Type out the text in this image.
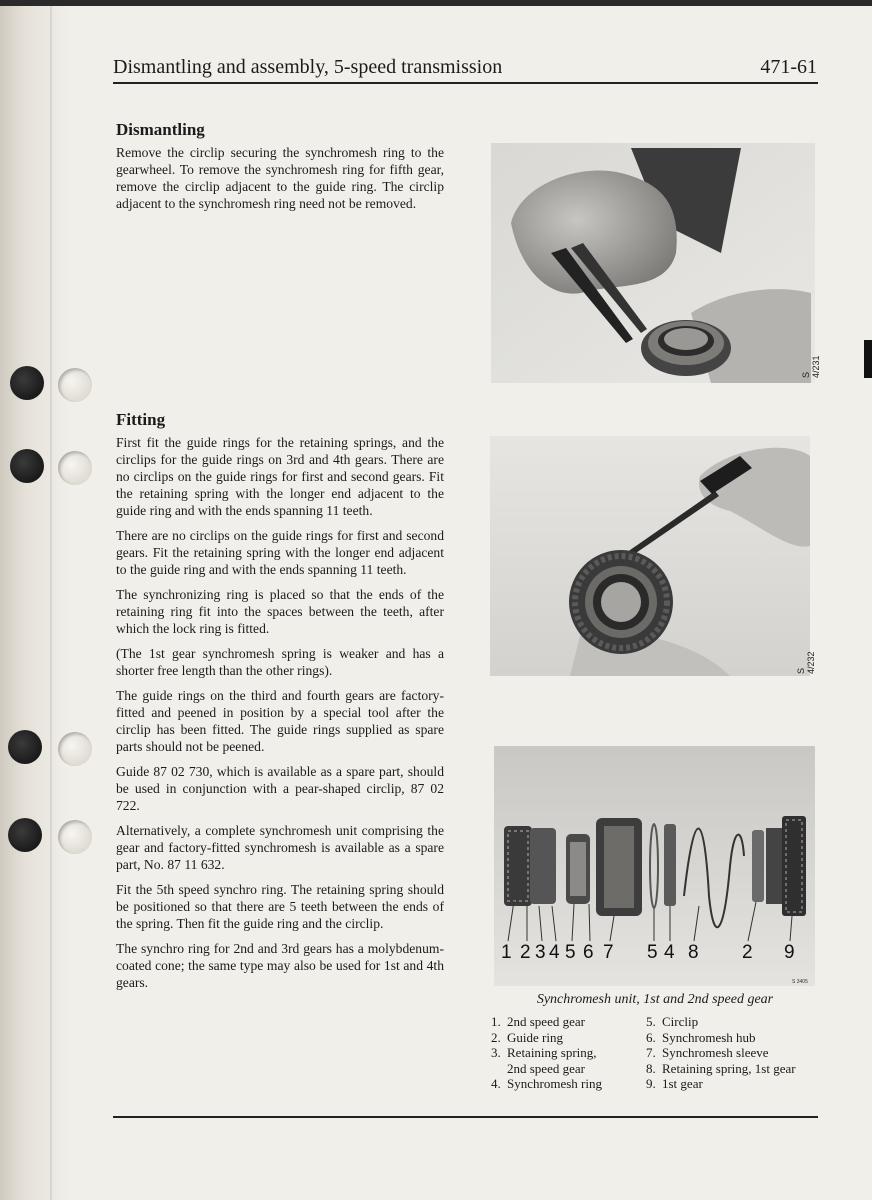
Dismantling and assembly, 5-speed transmission	471-61
Dismantling

Remove the circlip securing the synchromesh ring to the gearwheel. To remove the synchromesh ring for fifth gear, remove the circlip adjacent to the guide ring. The circlip adjacent to the synchromesh ring need not be removed.

Fitting

First fit the guide rings for the retaining springs, and the circlips for the guide rings on 3rd and 4th gears. There are no circlips on the guide rings for first and second gears. Fit the retaining spring with the longer end adjacent to the guide ring and with the ends spanning 11 teeth.

There are no circlips on the guide rings for first and second gears. Fit the retaining spring with the longer end adjacent to the guide ring and with the ends spanning 11 teeth.

The synchronizing ring is placed so that the ends of the retaining ring fit into the spaces between the teeth, after which the lock ring is fitted.

(The 1st gear synchromesh spring is weaker and has a shorter free length than the other rings).

The guide rings on the third and fourth gears are factory-fitted and peened in position by a special tool after the circlip has been fitted. The guide rings supplied as spare parts should not be peened.

Guide 87 02 730, which is available as a spare part, should be used in conjunction with a pear-shaped circlip, 87 02 722.

Alternatively, a complete synchromesh unit comprising the gear and factory-fitted synchromesh is available as a spare part, No. 87 11 632.

Fit the 5th speed synchro ring. The retaining spring should be positioned so that there are 5 teeth between the ends of the spring. Then fit the guide ring and the circlip.

The synchro ring for 2nd and 3rd gears has a molybdenum-coated cone; the same type may also be used for 1st and 4th gears.

S 4/231
S 4/232
1 2 3 4 5 6 7 5 4 8 2 9
S 3405
Synchromesh unit, 1st and 2nd speed gear
1. 2nd speed gear
2. Guide ring
3. Retaining spring,
2nd speed gear
4. Synchromesh ring
5. Circlip
6. Synchromesh hub
7. Synchromesh sleeve
8. Retaining spring, 1st gear
9. 1st gear
